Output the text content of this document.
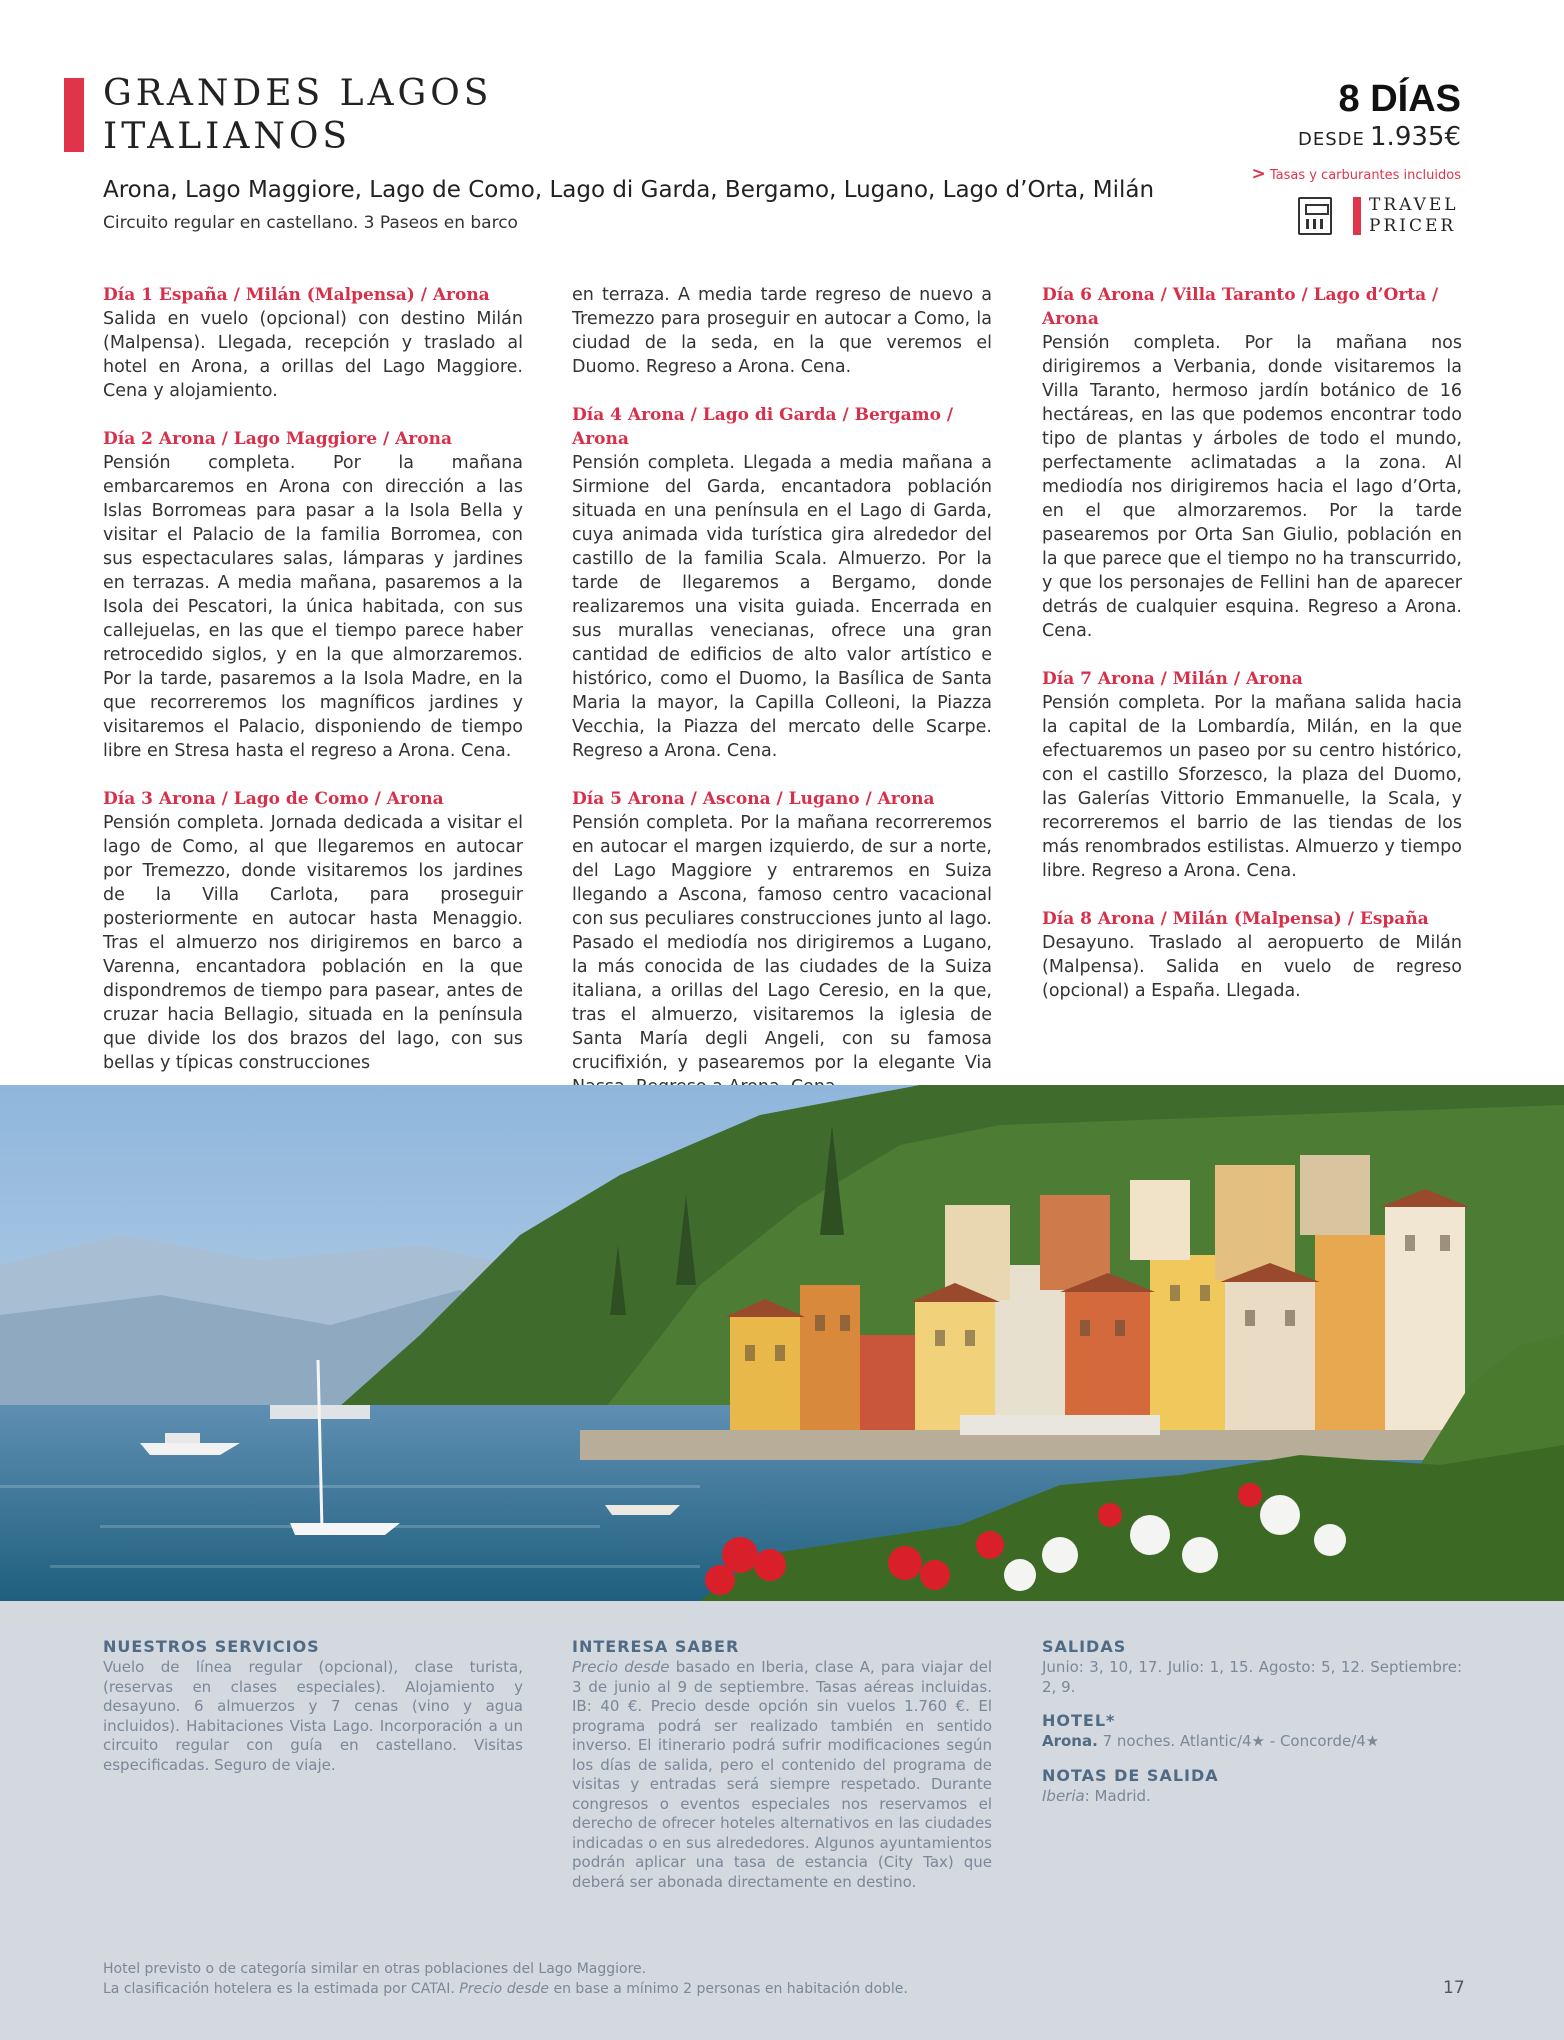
GRANDES LAGOS
ITALIANOS
Arona, Lago Maggiore, Lago de Como, Lago di Garda, Bergamo, Lugano, Lago d’Orta, Milán
Circuito regular en castellano. 3 Paseos en barco
8 DÍAS
DESDE 1.935€
> Tasas y carburantes incluidos
TRAVEL
PRICER

Día 1 España / Milán (Malpensa) / Arona

Salida en vuelo (opcional) con destino Milán (Malpensa). Llegada, recepción y traslado al hotel en Arona, a orillas del Lago Maggiore. Cena y alojamiento.

Día 2 Arona / Lago Maggiore / Arona

Pensión completa. Por la mañana embarcaremos en Arona con dirección a las Islas Borromeas para pasar a la Isola Bella y visitar el Palacio de la familia Borromea, con sus espectaculares salas, lámparas y jardines en terrazas. A media mañana, pasaremos a la Isola dei Pescatori, la única habitada, con sus callejuelas, en las que el tiempo parece haber retrocedido siglos, y en la que almorzaremos. Por la tarde, pasaremos a la Isola Madre, en la que recorreremos los magníficos jardines y visitaremos el Palacio, disponiendo de tiempo libre en Stresa hasta el regreso a Arona. Cena.

Día 3 Arona / Lago de Como / Arona

Pensión completa. Jornada dedicada a visitar el lago de Como, al que llegaremos en autocar por Tremezzo, donde visitaremos los jardines de la Villa Carlota, para proseguir posteriormente en autocar hasta Menaggio. Tras el almuerzo nos dirigiremos en barco a Varenna, encantadora población en la que dispondremos de tiempo para pasear, antes de cruzar hacia Bellagio, situada en la península que divide los dos brazos del lago, con sus bellas y típicas construcciones

en terraza. A media tarde regreso de nuevo a Tremezzo para proseguir en autocar a Como, la ciudad de la seda, en la que veremos el Duomo. Regreso a Arona. Cena.

Día 4 Arona / Lago di Garda / Bergamo / Arona

Pensión completa. Llegada a media mañana a Sirmione del Garda, encantadora población situada en una península en el Lago di Garda, cuya animada vida turística gira alrededor del castillo de la familia Scala. Almuerzo. Por la tarde de llegaremos a Bergamo, donde realizaremos una visita guiada. Encerrada en sus murallas venecianas, ofrece una gran cantidad de edificios de alto valor artístico e histórico, como el Duomo, la Basílica de Santa Maria la mayor, la Capilla Colleoni, la Piazza Vecchia, la Piazza del mercato delle Scarpe. Regreso a Arona. Cena.

Día 5 Arona / Ascona / Lugano / Arona

Pensión completa. Por la mañana recorreremos en autocar el margen izquierdo, de sur a norte, del Lago Maggiore y entraremos en Suiza llegando a Ascona, famoso centro vacacional con sus peculiares construcciones junto al lago. Pasado el mediodía nos dirigiremos a Lugano, la más conocida de las ciudades de la Suiza italiana, a orillas del Lago Ceresio, en la que, tras el almuerzo, visitaremos la iglesia de Santa María degli Angeli, con su famosa crucifixión, y pasearemos por la elegante Via

Día 6 Arona / Villa Taranto / Lago d’Orta / Arona

Pensión completa. Por la mañana nos dirigiremos a Verbania, donde visitaremos la Villa Taranto, hermoso jardín botánico de 16 hectáreas, en las que podemos encontrar todo tipo de plantas y árboles de todo el mundo, perfectamente aclimatadas a la zona. Al mediodía nos dirigiremos hacia el lago d’Orta, en el que almorzaremos. Por la tarde pasearemos por Orta San Giulio, población en la que parece que el tiempo no ha transcurrido, y que los personajes de Fellini han de aparecer detrás de cualquier esquina. Regreso a Arona. Cena.

Día 7 Arona / Milán / Arona

Pensión completa. Por la mañana salida hacia la capital de la Lombardía, Milán, en la que efectuaremos un paseo por su centro histórico, con el castillo Sforzesco, la plaza del Duomo, las Galerías Vittorio Emmanuelle, la Scala, y recorreremos el barrio de las tiendas de los más renombrados estilistas. Almuerzo y tiempo libre. Regreso a Arona. Cena.

Día 8 Arona / Milán (Malpensa) / España

Desayuno. Traslado al aeropuerto de Milán (Malpensa). Salida en vuelo de regreso (opcional) a España. Llegada.

NUESTROS SERVICIOS

Vuelo de línea regular (opcional), clase turista, (reservas en clases especiales). Alojamiento y desayuno. 6 almuerzos y 7 cenas (vino y agua incluidos). Habitaciones Vista Lago. Incorporación a un circuito regular con guía en castellano. Visitas especificadas. Seguro de viaje.

INTERESA SABER

Precio desde basado en Iberia, clase A, para viajar del 3 de junio al 9 de septiembre. Tasas aéreas incluidas. IB: 40 €. Precio desde opción sin vuelos 1.760 €. El programa podrá ser realizado también en sentido inverso. El itinerario podrá sufrir modificaciones según los días de salida, pero el contenido del programa de visitas y entradas será siempre respetado. Durante congresos o eventos especiales nos reservamos el derecho de ofrecer hoteles alternativos en las ciudades indicadas o en sus alrededores. Algunos ayuntamientos podrán aplicar una tasa de estancia (City Tax) que deberá ser abonada directamente en destino.

SALIDAS

Junio: 3, 10, 17. Julio: 1, 15. Agosto: 5, 12. Septiembre: 2, 9.

HOTEL*

Arona. 7 noches. Atlantic/4★ - Concorde/4★

NOTAS DE SALIDA

Iberia: Madrid.

Hotel previsto o de categoría similar en otras poblaciones del Lago Maggiore.
La clasificación hotelera es la estimada por CATAI. Precio desde en base a mínimo 2 personas en habitación doble.	17
